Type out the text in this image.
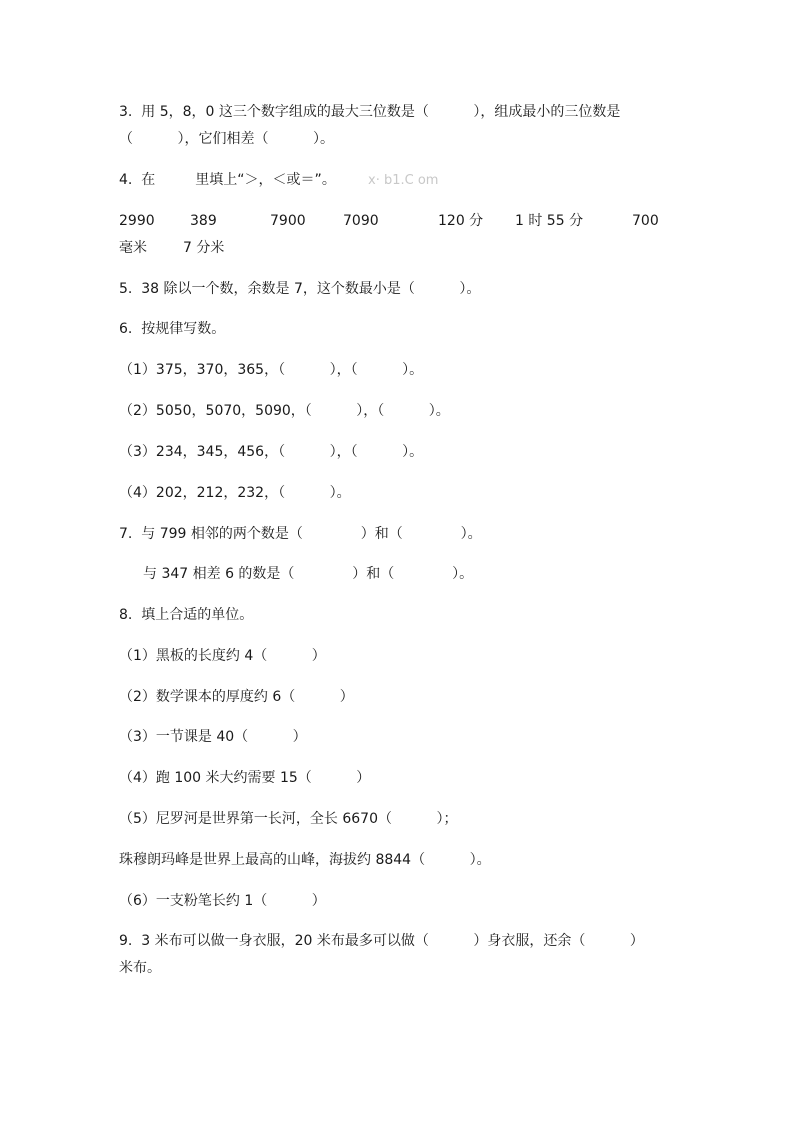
3.  用 5，8，0 这三个数字组成的最大三位数是（          ），组成最小的三位数是
（          ），它们相差（          ）。
4.  在         里填上“＞，＜或＝”。 x· b1.C om
2990	389	7900	7090	120 分 1 时 55 分	700
毫米	7 分米
5.  38 除以一个数，余数是 7，这个数最小是（          ）。
6.  按规律写数。
（1）375，370，365，（          ），（          ）。
（2）5050，5070，5090，（          ），（          ）。
（3）234，345，456，（          ），（          ）。
（4）202，212，232，（          ）。
7.  与 799 相邻的两个数是（             ）和（             ）。
与 347 相差 6 的数是（             ）和（             ）。
8.  填上合适的单位。
（1）黑板的长度约 4（          ）
（2）数学课本的厚度约 6（          ）
（3）一节课是 40（          ）
（4）跑 100 米大约需要 15（          ）
（5）尼罗河是世界第一长河，全长 6670（          ）；
珠穆朗玛峰是世界上最高的山峰，海拔约 8844（          ）。
（6）一支粉笔长约 1（          ）
9.  3 米布可以做一身衣服，20 米布最多可以做（          ）身衣服，还余（          ）
米布。
